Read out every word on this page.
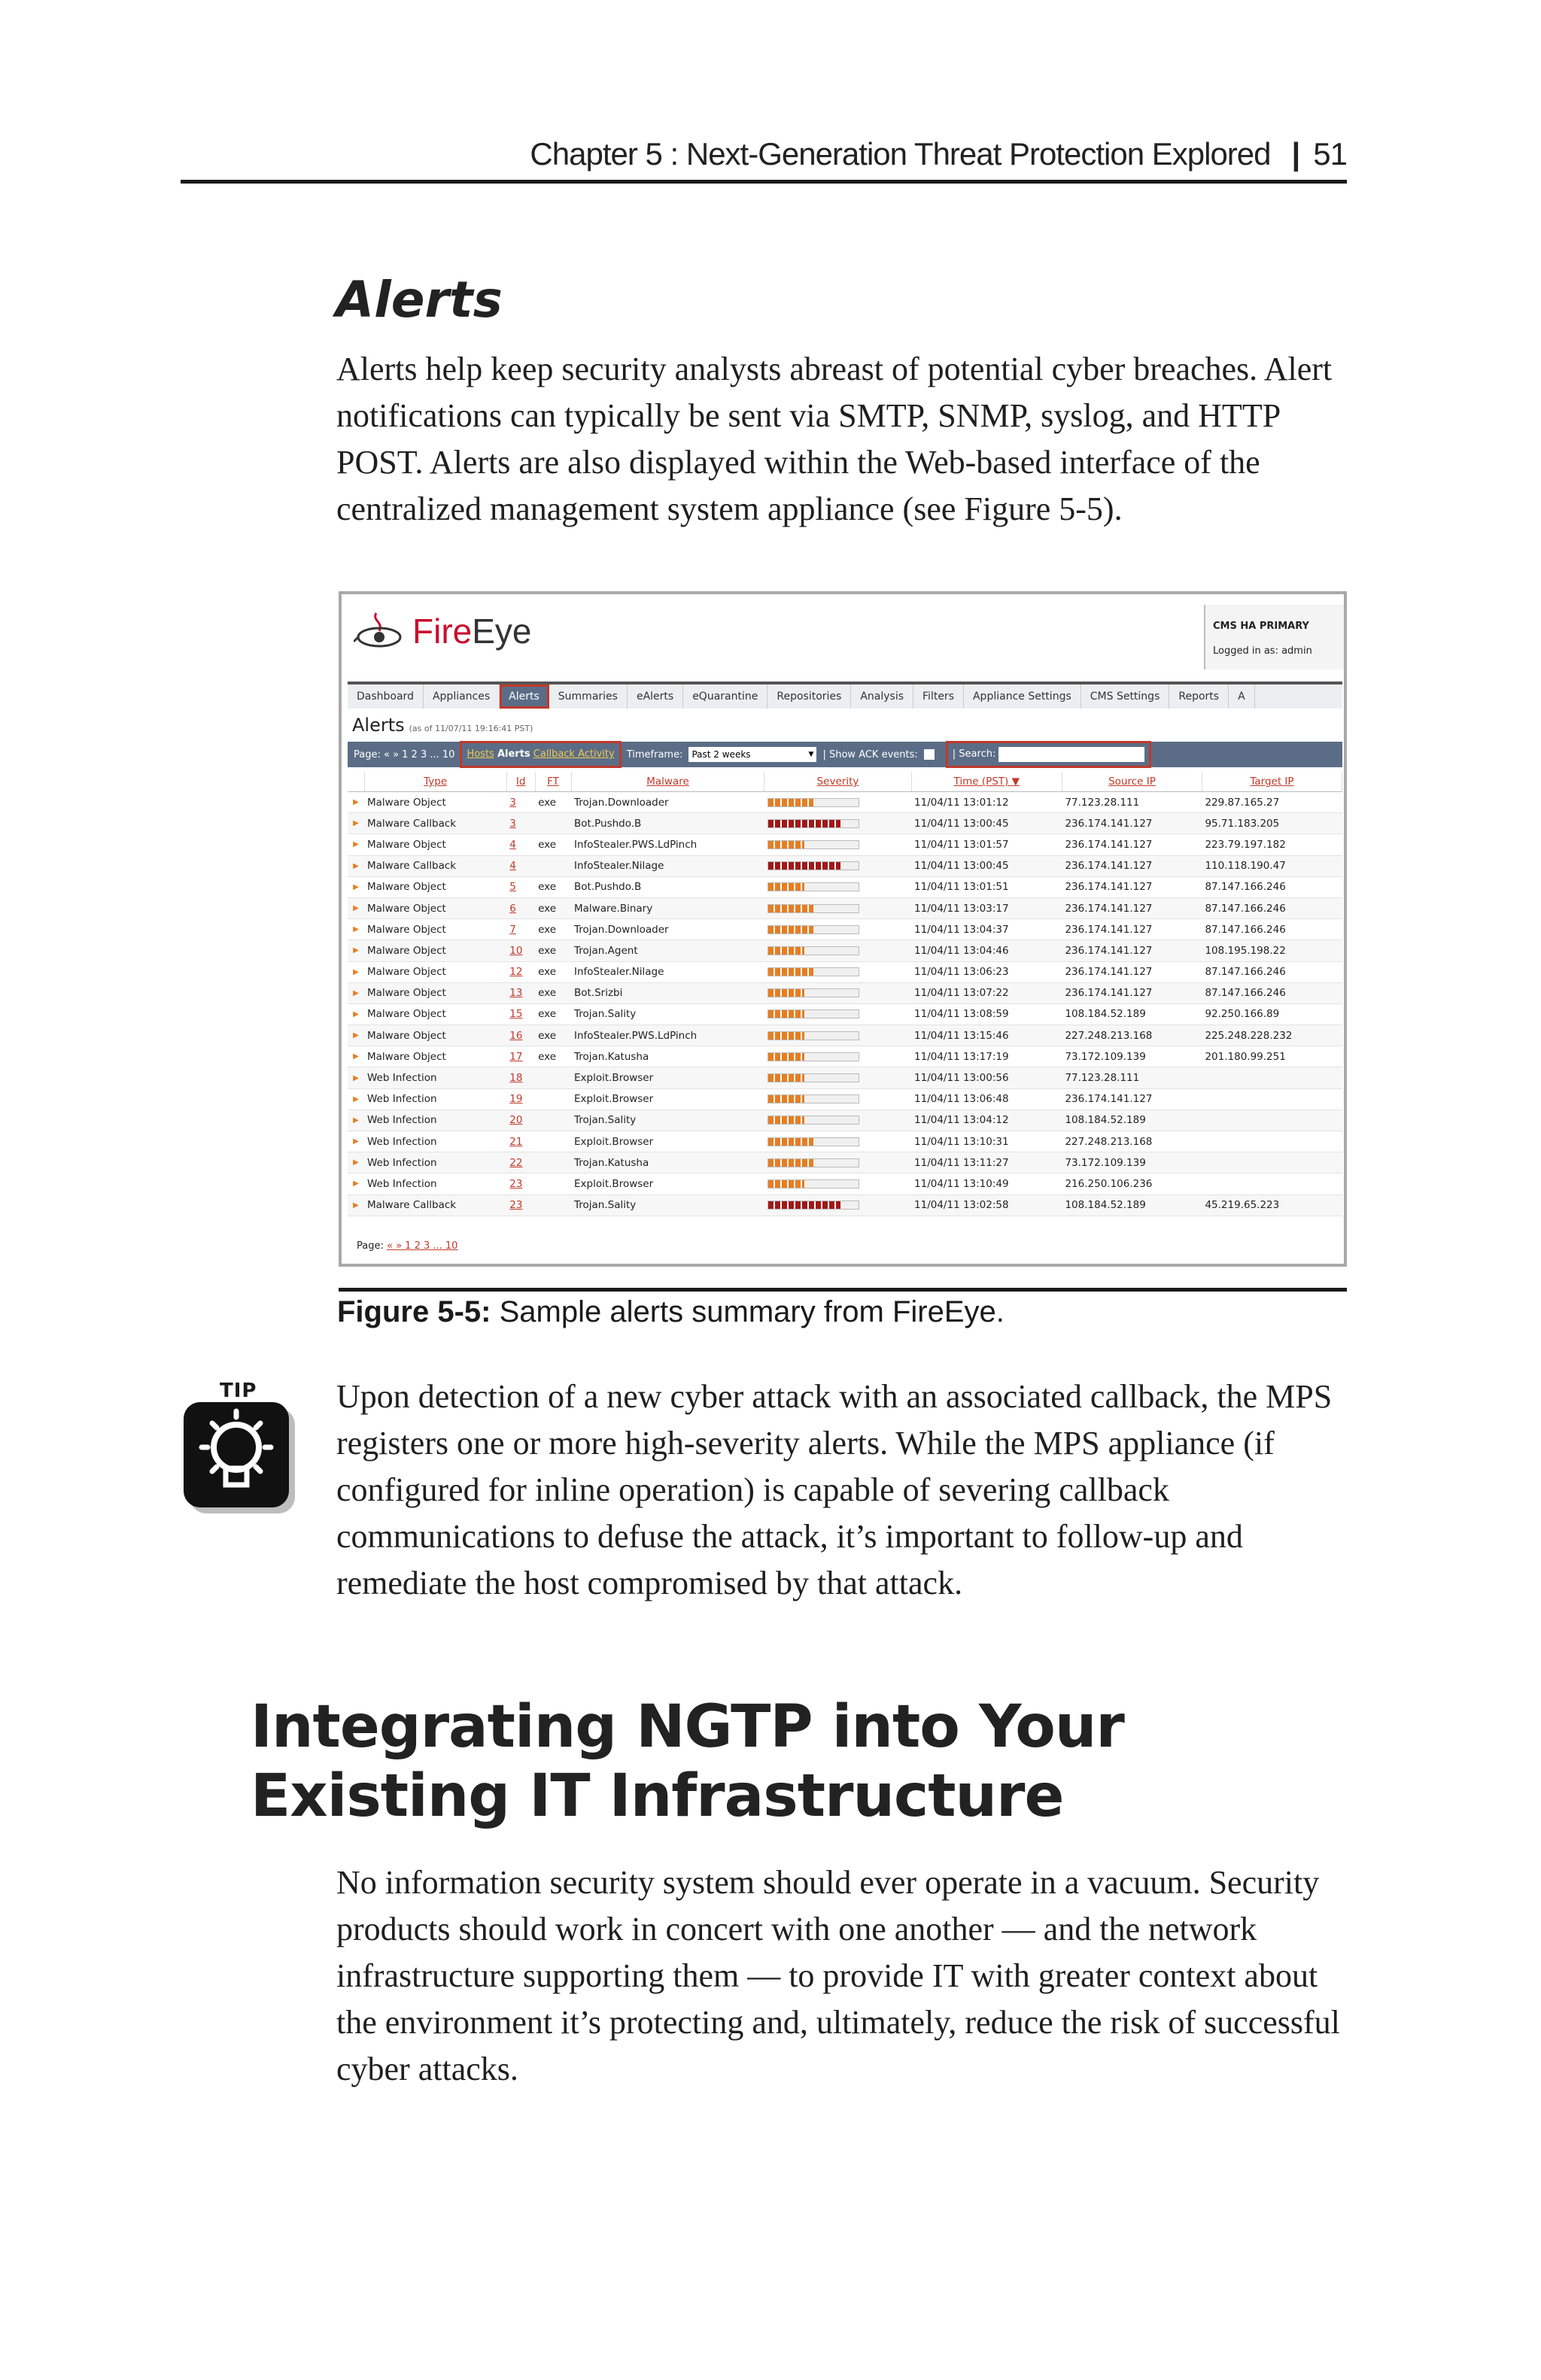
Chapter 5 : Next-Generation Threat Protection Explored | 51
Alerts

Alerts help keep security analysts abreast of potential cyber breaches. Alert notifications can typically be sent via SMTP, SNMP, syslog, and HTTP POST. Alerts are also displayed within the Web-based interface of the centralized management system appliance (see Figure 5-5).

FireEye	CMS HA PRIMARY
Logged in as: admin
Dashboard	Appliances	Alerts	Summaries	eAlerts	eQuarantine	Repositories	Analysis	Filters	Appliance Settings	CMS Settings	Reports	A
Alerts (as of 11/07/11 19:16:41 PST)
Page: « » 1 2 3 ... 10	Hosts Alerts Callback Activity	Timeframe:	Past 2 weeks ▼	| Show ACK events:	| Search:
	Type	Id	FT	Malware	Severity	Time (PST) ▼	Source IP	Target IP
▶	Malware Object	3	exe	Trojan.Downloader		11/04/11 13:01:12	77.123.28.111	229.87.165.27
▶	Malware Callback	3		Bot.Pushdo.B		11/04/11 13:00:45	236.174.141.127	95.71.183.205
▶	Malware Object	4	exe	InfoStealer.PWS.LdPinch		11/04/11 13:01:57	236.174.141.127	223.79.197.182
▶	Malware Callback	4		InfoStealer.Nilage		11/04/11 13:00:45	236.174.141.127	110.118.190.47
▶	Malware Object	5	exe	Bot.Pushdo.B		11/04/11 13:01:51	236.174.141.127	87.147.166.246
▶	Malware Object	6	exe	Malware.Binary		11/04/11 13:03:17	236.174.141.127	87.147.166.246
▶	Malware Object	7	exe	Trojan.Downloader		11/04/11 13:04:37	236.174.141.127	87.147.166.246
▶	Malware Object	10	exe	Trojan.Agent		11/04/11 13:04:46	236.174.141.127	108.195.198.22
▶	Malware Object	12	exe	InfoStealer.Nilage		11/04/11 13:06:23	236.174.141.127	87.147.166.246
▶	Malware Object	13	exe	Bot.Srizbi		11/04/11 13:07:22	236.174.141.127	87.147.166.246
▶	Malware Object	15	exe	Trojan.Sality		11/04/11 13:08:59	108.184.52.189	92.250.166.89
▶	Malware Object	16	exe	InfoStealer.PWS.LdPinch		11/04/11 13:15:46	227.248.213.168	225.248.228.232
▶	Malware Object	17	exe	Trojan.Katusha		11/04/11 13:17:19	73.172.109.139	201.180.99.251
▶	Web Infection	18		Exploit.Browser		11/04/11 13:00:56	77.123.28.111	
▶	Web Infection	19		Exploit.Browser		11/04/11 13:06:48	236.174.141.127	
▶	Web Infection	20		Trojan.Sality		11/04/11 13:04:12	108.184.52.189	
▶	Web Infection	21		Exploit.Browser		11/04/11 13:10:31	227.248.213.168	
▶	Web Infection	22		Trojan.Katusha		11/04/11 13:11:27	73.172.109.139	
▶	Web Infection	23		Exploit.Browser		11/04/11 13:10:49	216.250.106.236	
▶	Malware Callback	23		Trojan.Sality		11/04/11 13:02:58	108.184.52.189	45.219.65.223
Page: « » 1 2 3 ... 10
Figure 5-5: Sample alerts summary from FireEye.
TIP Upon detection of a new cyber attack with an associated callback, the MPS registers one or more high-severity alerts. While the MPS appliance (if configured for inline operation) is capable of severing callback communications to defuse the attack, it’s important to follow-up and remediate the host compromised by that attack.

Integrating NGTP into Your
Existing IT Infrastructure

No information security system should ever operate in a vacuum. Security products should work in concert with one another — and the network infrastructure supporting them — to provide IT with greater context about the environment it’s protecting and, ultimately, reduce the risk of successful cyber attacks.
